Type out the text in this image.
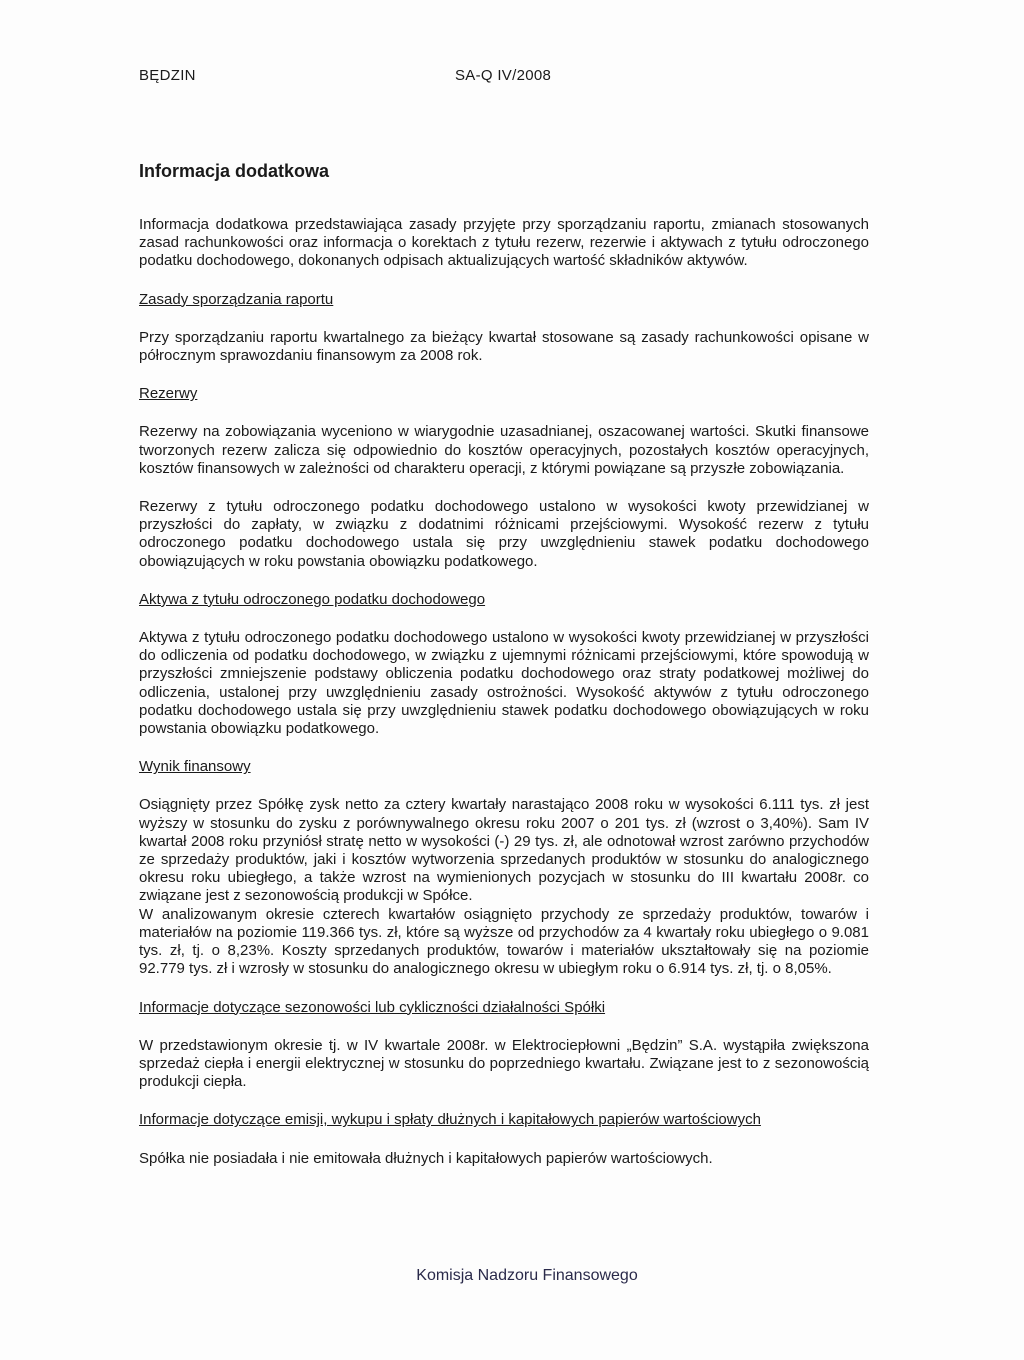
BĘDZIN	SA-Q IV/2008
Informacja dodatkowa

Informacja dodatkowa przedstawiająca zasady przyjęte przy sporządzaniu raportu, zmianach stosowanych zasad rachunkowości oraz informacja o korektach z tytułu rezerw, rezerwie i aktywach z tytułu odroczonego podatku dochodowego, dokonanych odpisach aktualizujących wartość składników aktywów.

Zasady sporządzania raportu

Przy sporządzaniu raportu kwartalnego za bieżący kwartał stosowane są zasady rachunkowości opisane w półrocznym sprawozdaniu finansowym za 2008 rok.

Rezerwy

Rezerwy na zobowiązania wyceniono w wiarygodnie uzasadnianej, oszacowanej wartości. Skutki finansowe tworzonych rezerw zalicza się odpowiednio do kosztów operacyjnych, pozostałych kosztów operacyjnych, kosztów finansowych w zależności od charakteru operacji, z którymi powiązane są przyszłe zobowiązania.

Rezerwy z tytułu odroczonego podatku dochodowego ustalono w wysokości kwoty przewidzianej w przyszłości do zapłaty, w związku z dodatnimi różnicami przejściowymi. Wysokość rezerw z tytułu odroczonego podatku dochodowego ustala się przy uwzględnieniu stawek podatku dochodowego obowiązujących w roku powstania obowiązku podatkowego.

Aktywa z tytułu odroczonego podatku dochodowego

Aktywa z tytułu odroczonego podatku dochodowego ustalono w wysokości kwoty przewidzianej w przyszłości do odliczenia od podatku dochodowego, w związku z ujemnymi różnicami przejściowymi, które spowodują w przyszłości zmniejszenie podstawy obliczenia podatku dochodowego oraz straty podatkowej możliwej do odliczenia, ustalonej przy uwzględnieniu zasady ostrożności. Wysokość aktywów z tytułu odroczonego podatku dochodowego ustala się przy uwzględnieniu stawek podatku dochodowego obowiązujących w roku powstania obowiązku podatkowego.

Wynik finansowy

Osiągnięty przez Spółkę zysk netto za cztery kwartały narastająco 2008 roku w wysokości 6.111 tys. zł jest wyższy w stosunku do zysku z porównywalnego okresu roku 2007 o 201 tys. zł (wzrost o 3,40%). Sam IV kwartał 2008 roku przyniósł stratę netto w wysokości (-) 29 tys. zł, ale odnotował wzrost zarówno przychodów ze sprzedaży produktów, jaki i kosztów wytworzenia sprzedanych produktów w stosunku do analogicznego okresu roku ubiegłego, a także wzrost na wymienionych pozycjach w stosunku do III kwartału 2008r. co związane jest z sezonowością produkcji w Spółce.

W analizowanym okresie czterech kwartałów osiągnięto przychody ze sprzedaży produktów, towarów i materiałów na poziomie 119.366 tys. zł, które są wyższe od przychodów za 4 kwartały roku ubiegłego o 9.081 tys. zł, tj. o 8,23%. Koszty sprzedanych produktów, towarów i materiałów ukształtowały się na poziomie 92.779 tys. zł i wzrosły w stosunku do analogicznego okresu w ubiegłym roku o 6.914 tys. zł, tj. o 8,05%.

Informacje dotyczące sezonowości lub cykliczności działalności Spółki

W przedstawionym okresie tj. w IV kwartale 2008r. w Elektrociepłowni „Będzin” S.A. wystąpiła zwiększona sprzedaż ciepła i energii elektrycznej w stosunku do poprzedniego kwartału. Związane jest to z sezonowością produkcji ciepła.

Informacje dotyczące emisji, wykupu i spłaty dłużnych i kapitałowych papierów wartościowych

Spółka nie posiadała i nie emitowała dłużnych i kapitałowych papierów wartościowych.

Komisja Nadzoru Finansowego
